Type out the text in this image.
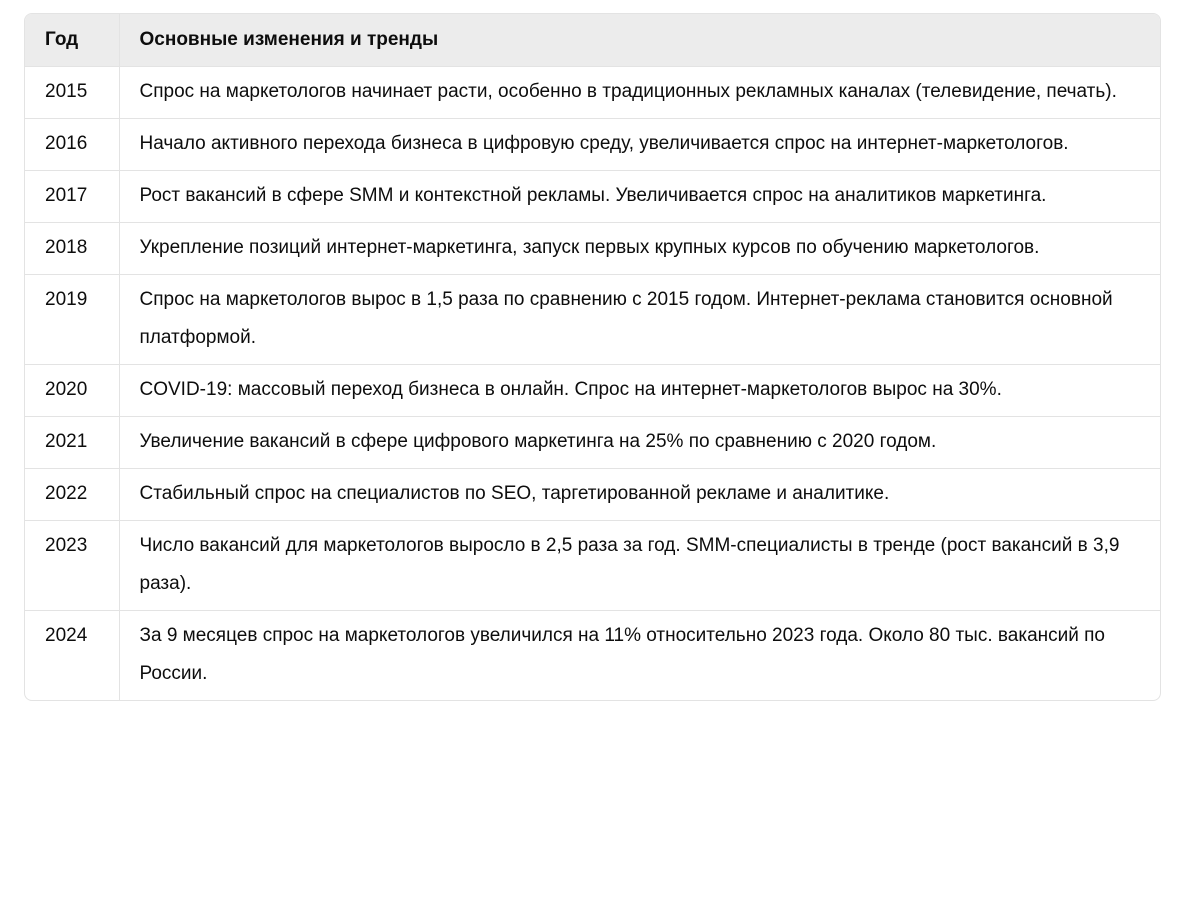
Год	Основные изменения и тренды
2015	Спрос на маркетологов начинает расти, особенно в традиционных рекламных каналах (телевидение, печать).
2016	Начало активного перехода бизнеса в цифровую среду, увеличивается спрос на интернет-маркетологов.
2017	Рост вакансий в сфере SMM и контекстной рекламы. Увеличивается спрос на аналитиков маркетинга.
2018	Укрепление позиций интернет-маркетинга, запуск первых крупных курсов по обучению маркетологов.
2019	Спрос на маркетологов вырос в 1,5 раза по сравнению с 2015 годом. Интернет-реклама становится основной платформой.
2020	COVID-19: массовый переход бизнеса в онлайн. Спрос на интернет-маркетологов вырос на 30%.
2021	Увеличение вакансий в сфере цифрового маркетинга на 25% по сравнению с 2020 годом.
2022	Стабильный спрос на специалистов по SEO, таргетированной рекламе и аналитике.
2023	Число вакансий для маркетологов выросло в 2,5 раза за год. SMM-специалисты в тренде (рост вакансий в 3,9 раза).
2024	За 9 месяцев спрос на маркетологов увеличился на 11% относительно 2023 года. Около 80 тыс. вакансий по России.
